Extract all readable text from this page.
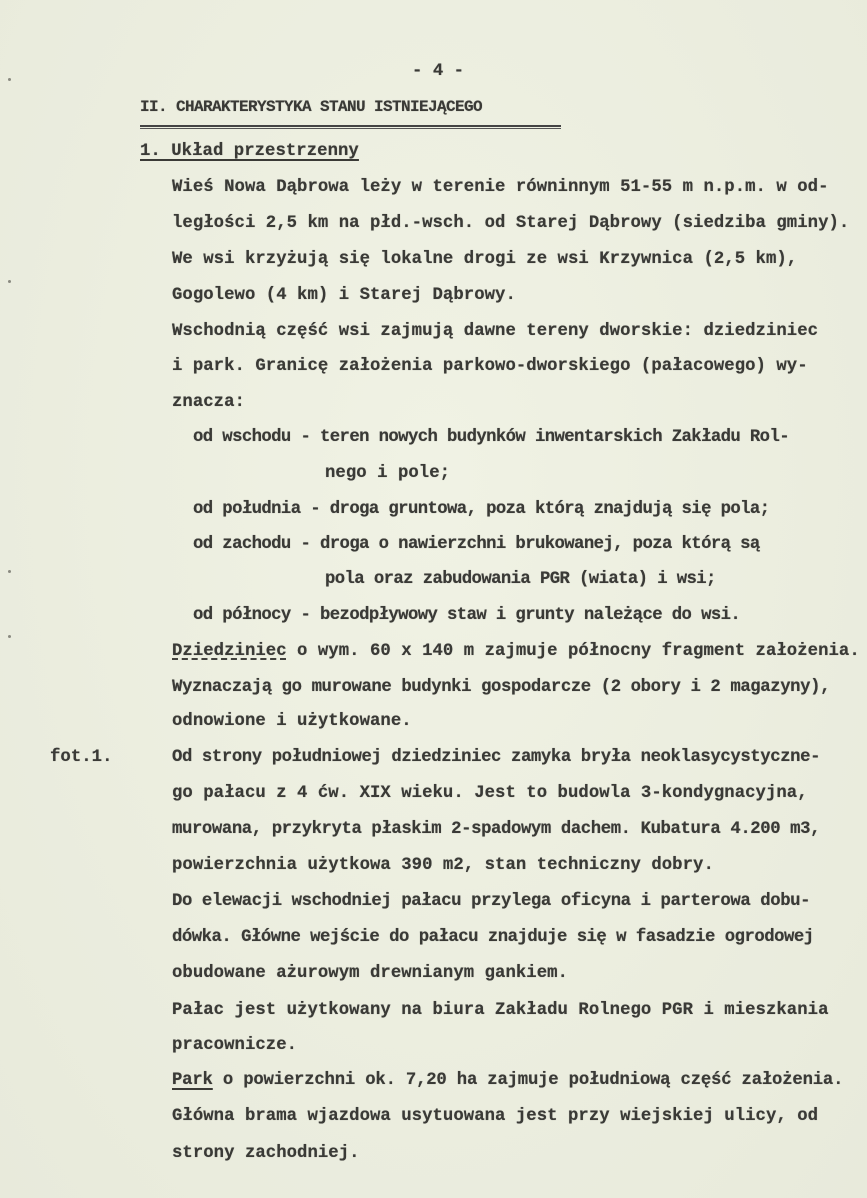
- 4 -
II. CHARAKTERYSTYKA STANU ISTNIEJĄCEGO
1. Układ przestrzenny
Wieś Nowa Dąbrowa leży w terenie równinnym 51-55 m n.p.m. w od-
ległości 2,5 km na płd.-wsch. od Starej Dąbrowy (siedziba gminy).
We wsi krzyżują się lokalne drogi ze wsi Krzywnica (2,5 km),
Gogolewo (4 km) i Starej Dąbrowy.
Wschodnią część wsi zajmują dawne tereny dworskie: dziedziniec
i park. Granicę założenia parkowo-dworskiego (pałacowego) wy-
znacza:
od wschodu - teren nowych budynków inwentarskich Zakładu Rol-
nego i pole;
od południa - droga gruntowa, poza którą znajdują się pola;
od zachodu - droga o nawierzchni brukowanej, poza którą są
pola oraz zabudowania PGR (wiata) i wsi;
od północy - bezodpływowy staw i grunty należące do wsi.
Dziedziniec o wym. 60 x 140 m zajmuje północny fragment założenia.
Wyznaczają go murowane budynki gospodarcze (2 obory i 2 magazyny),
odnowione i użytkowane.
fot.1.	Od strony południowej dziedziniec zamyka bryła neoklasycystyczne-
go pałacu z 4 ćw. XIX wieku. Jest to budowla 3-kondygnacyjna,
murowana, przykryta płaskim 2-spadowym dachem. Kubatura 4.200 m3,
powierzchnia użytkowa 390 m2, stan techniczny dobry.
Do elewacji wschodniej pałacu przylega oficyna i parterowa dobu-
dówka. Główne wejście do pałacu znajduje się w fasadzie ogrodowej
obudowane ażurowym drewnianym gankiem.
Pałac jest użytkowany na biura Zakładu Rolnego PGR i mieszkania
pracownicze.
Park o powierzchni ok. 7,20 ha zajmuje południową część założenia.
Główna brama wjazdowa usytuowana jest przy wiejskiej ulicy, od
strony zachodniej.
